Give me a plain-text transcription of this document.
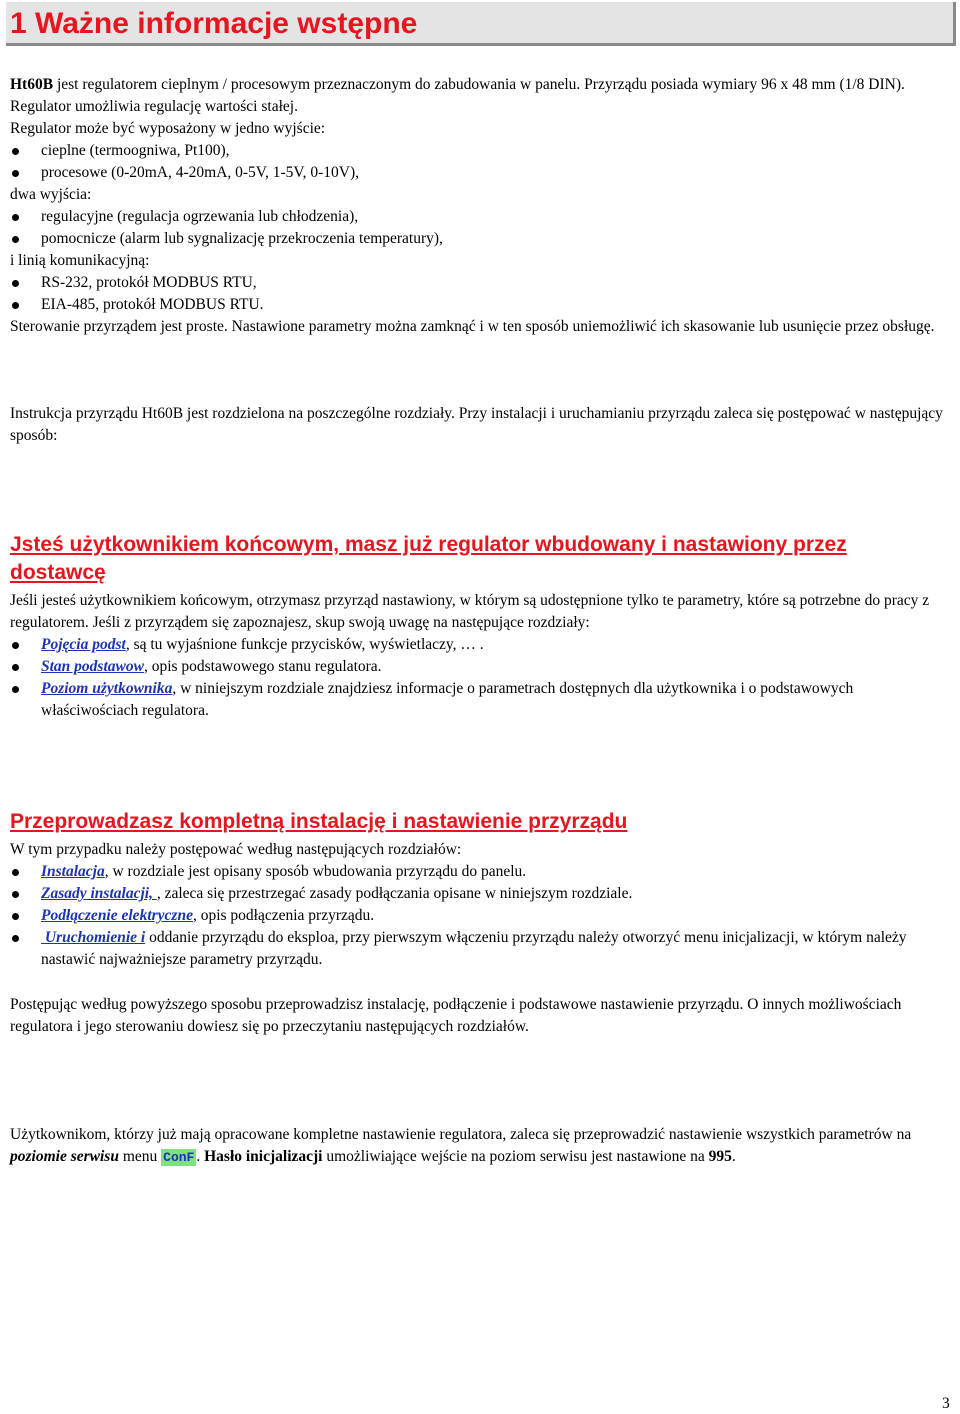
1 Ważne informacje wstępne

Ht60B jest regulatorem cieplnym / procesowym przeznaczonym do zabudowania w panelu. Przyrządu posiada wymiary 96 x 48 mm (1/8 DIN).

Regulator umożliwia regulację wartości stałej.

Regulator może być wyposażony w jedno wyjście:

cieplne (termoogniwa, Pt100),
procesowe (0-20mA, 4-20mA, 0-5V, 1-5V, 0-10V),

dwa wyjścia:

regulacyjne (regulacja ogrzewania lub chłodzenia),
pomocnicze (alarm lub sygnalizację przekroczenia temperatury),

i linią komunikacyjną:

RS-232, protokół MODBUS RTU,
EIA-485, protokół MODBUS RTU.

Sterowanie przyrządem jest proste. Nastawione parametry można zamknąć i w ten sposób uniemożliwić ich skasowanie lub usunięcie przez obsługę.

Instrukcja przyrządu Ht60B jest rozdzielona na poszczególne rozdziały. Przy instalacji i uruchamianiu przyrządu zaleca się postępować w następujący sposób:

Jsteś użytkownikiem końcowym, masz już regulator wbudowany i nastawiony przez dostawcę

Jeśli jesteś użytkownikiem końcowym, otrzymasz przyrząd nastawiony, w którym są udostępnione tylko te parametry, które są potrzebne do pracy z regulatorem. Jeśli z przyrządem się zapoznajesz, skup swoją uwagę na następujące rozdziały:

Pojęcia podst, są tu wyjaśnione funkcje przycisków, wyświetlaczy, … .
Stan podstawow, opis podstawowego stanu regulatora.
Poziom użytkownika, w niniejszym rozdziale znajdziesz informacje o parametrach dostępnych dla użytkownika i o podstawowych właściwościach regulatora.

Przeprowadzasz kompletną instalację i nastawienie przyrządu

W tym przypadku należy postępować według następujących rozdziałów:

Instalacja, w rozdziale jest opisany sposób wbudowania przyrządu do panelu.
Zasady instalacji, , zaleca się przestrzegać zasady podłączania opisane w niniejszym rozdziale.
Podłączenie elektryczne, opis podłączenia przyrządu.
Uruchomienie i oddanie przyrządu do eksploa, przy pierwszym włączeniu przyrządu należy otworzyć menu inicjalizacji, w którym należy nastawić najważniejsze parametry przyrządu.

Postępując według powyższego sposobu przeprowadzisz instalację, podłączenie i podstawowe nastawienie przyrządu. O innych możliwościach regulatora i jego sterowaniu dowiesz się po przeczytaniu następujących rozdziałów.

Użytkownikom, którzy już mają opracowane kompletne nastawienie regulatora, zaleca się przeprowadzić nastawienie wszystkich parametrów na poziomie serwisu menu ConF . Hasło inicjalizacji umożliwiające wejście na poziom serwisu jest nastawione na 995.

3
